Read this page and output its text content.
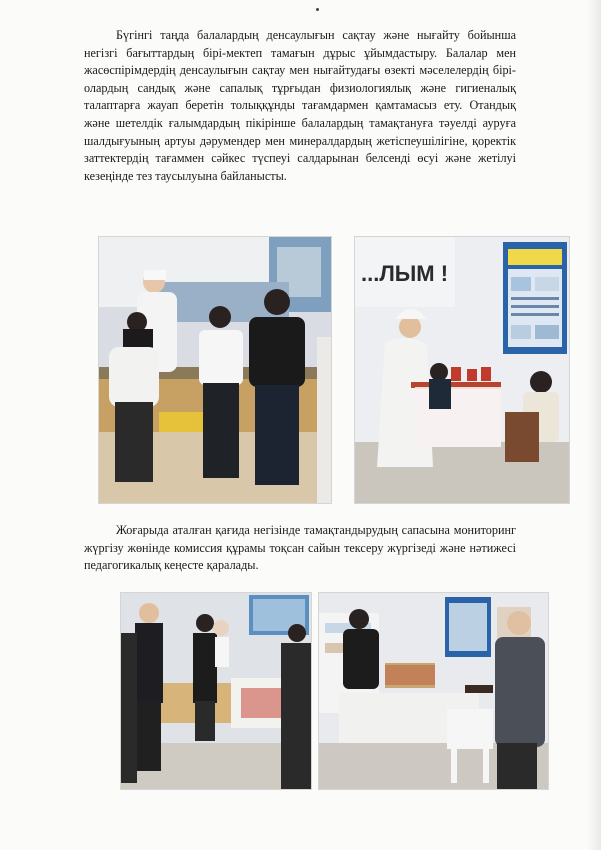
Бүгінгі таңда балалардың денсаулығын сақтау және нығайту бойынша
негізгі бағыттардың бірі-мектеп тамағын дұрыс ұйымдастыру. Балалар мен
жасөспірімдердің денсаулығын сақтау мен нығайтудағы өзекті мәселелердің бірі-
олардың сандық және сапалық тұрғыдан физиологиялық және гигиеналық
талаптарға жауап беретін толыққұнды тағамдармен қамтамасыз ету. Отандық
және шетелдік ғалымдардың пікірінше балалардың тамақтануға тәуелді ауруға
шалдығуының артуы дәрумендер мен минералдардың жетіспеушілігіне, қоректік
заттектердің тағаммен сәйкес түспеуі салдарынан белсенді өсуі және жетілуі
кезеңінде тез таусылуына байланысты.

...ЛЫМ !

Жоғарыда аталған қағида негізінде тамақтандырудың сапасына мониторинг
жүргізу жөнінде комиссия құрамы тоқсан сайын тексеру жүргізеді және нәтижесі
педагогикалық кеңесте қаралады.
